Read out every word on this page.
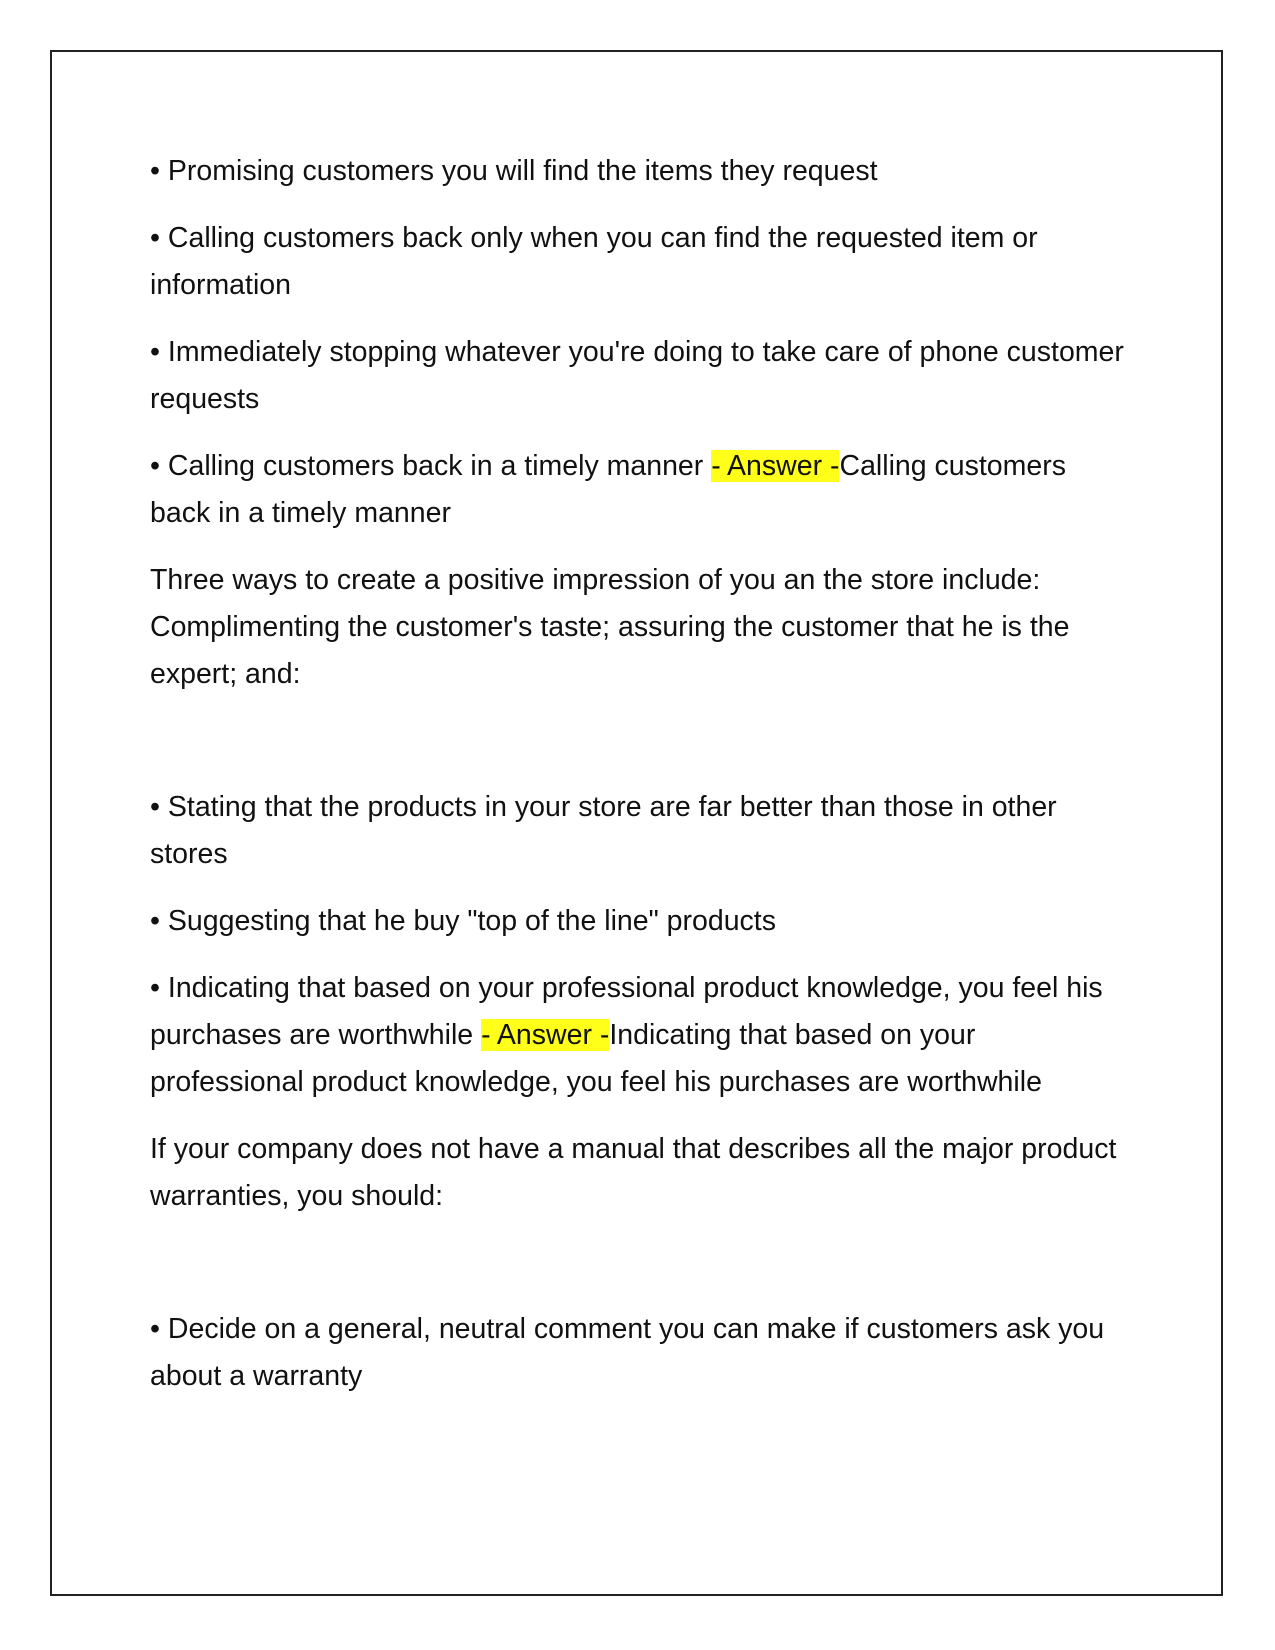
• Promising customers you will find the items they request

• Calling customers back only when you can find the requested item or information

• Immediately stopping whatever you're doing to take care of phone customer requests

• Calling customers back in a timely manner - Answer -Calling customers back in a timely manner

Three ways to create a positive impression of you an the store include: Complimenting the customer's taste; assuring the customer that he is the expert; and:

• Stating that the products in your store are far better than those in other stores

• Suggesting that he buy "top of the line" products

• Indicating that based on your professional product knowledge, you feel his purchases are worthwhile - Answer -Indicating that based on your professional product knowledge, you feel his purchases are worthwhile

If your company does not have a manual that describes all the major product warranties, you should:

• Decide on a general, neutral comment you can make if customers ask you about a warranty
